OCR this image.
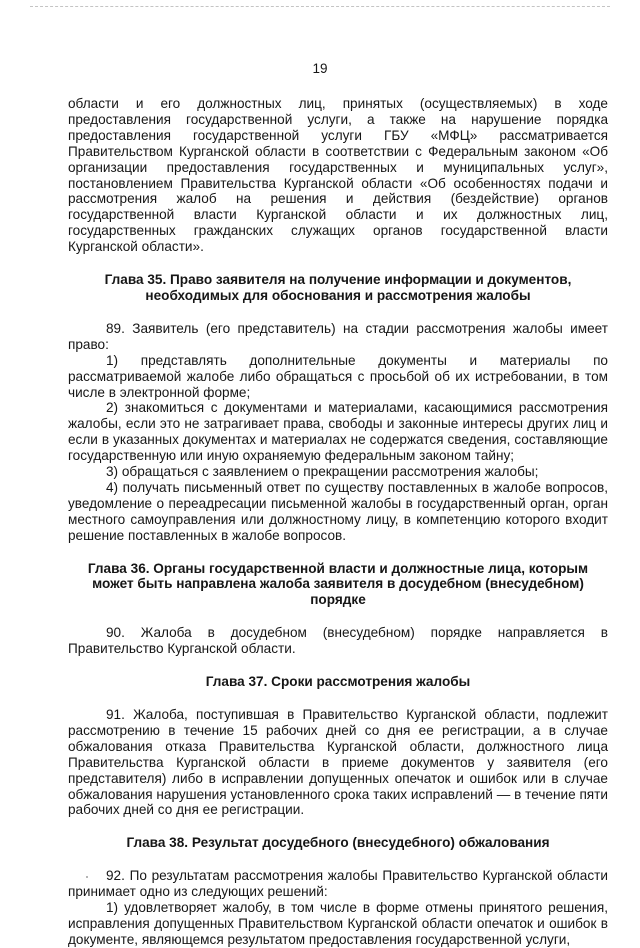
19

области и его должностных лиц, принятых (осуществляемых) в ходе предоставления государственной услуги, а также на нарушение порядка предоставления государственной услуги ГБУ «МФЦ» рассматривается Правительством Курганской области в соответствии с Федеральным законом «Об организации предоставления государственных и муниципальных услуг», постановлением Правительства Курганской области «Об особенностях подачи и рассмотрения жалоб на решения и действия (бездействие) органов государственной власти Курганской области и их должностных лиц, государственных гражданских служащих органов государственной власти Курганской области».

Глава 35. Право заявителя на получение информации и документов, необходимых для обоснования и рассмотрения жалобы

89. Заявитель (его представитель) на стадии рассмотрения жалобы имеет право:

1) представлять дополнительные документы и материалы по рассматриваемой жалобе либо обращаться с просьбой об их истребовании, в том числе в электронной форме;

2) знакомиться с документами и материалами, касающимися рассмотрения жалобы, если это не затрагивает права, свободы и законные интересы других лиц и если в указанных документах и материалах не содержатся сведения, составляющие государственную или иную охраняемую федеральным законом тайну;

3) обращаться с заявлением о прекращении рассмотрения жалобы;

4) получать письменный ответ по существу поставленных в жалобе вопросов, уведомление о переадресации письменной жалобы в государственный орган, орган местного самоуправления или должностному лицу, в компетенцию которого входит решение поставленных в жалобе вопросов.

Глава 36. Органы государственной власти и должностные лица, которым может быть направлена жалоба заявителя в досудебном (внесудебном) порядке

90. Жалоба в досудебном (внесудебном) порядке направляется в Правительство Курганской области.

Глава 37. Сроки рассмотрения жалобы

91. Жалоба, поступившая в Правительство Курганской области, подлежит рассмотрению в течение 15 рабочих дней со дня ее регистрации, а в случае обжалования отказа Правительства Курганской области, должностного лица Правительства Курганской области в приеме документов у заявителя (его представителя) либо в исправлении допущенных опечаток и ошибок или в случае обжалования нарушения установленного срока таких исправлений — в течение пяти рабочих дней со дня ее регистрации.

Глава 38. Результат досудебного (внесудебного) обжалования

92. По результатам рассмотрения жалобы Правительство Курганской области принимает одно из следующих решений:

1) удовлетворяет жалобу, в том числе в форме отмены принятого решения, исправления допущенных Правительством Курганской области опечаток и ошибок в документе, являющемся результатом предоставления государственной услуги,
